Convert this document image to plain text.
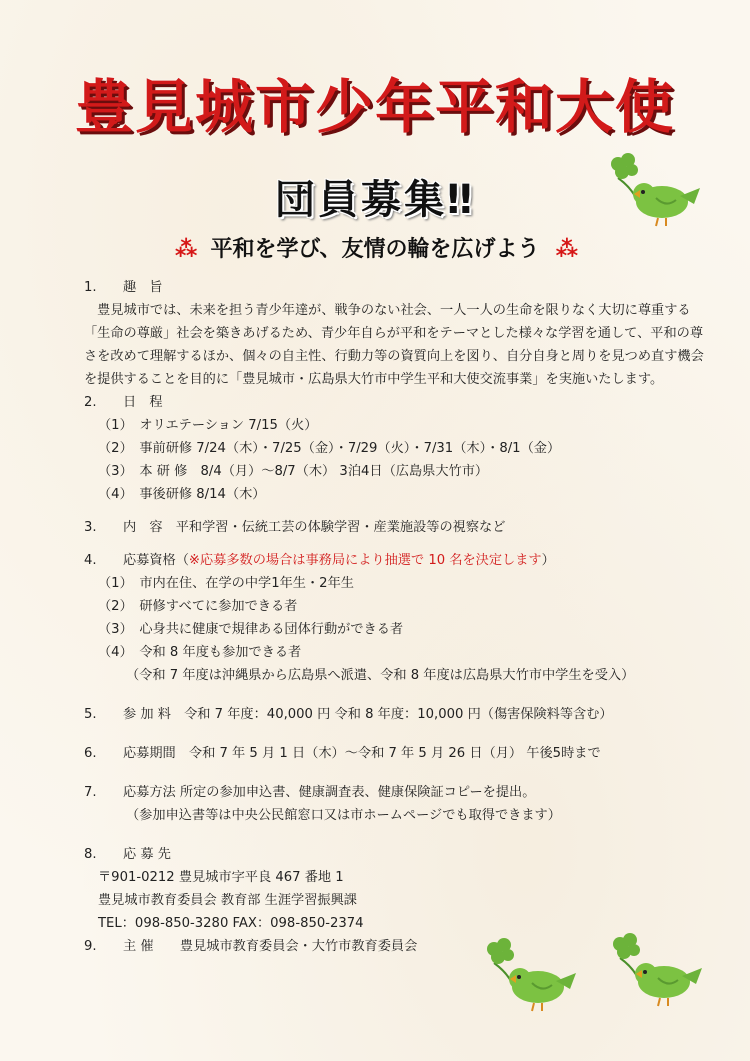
豊見城市少年平和大使
団員募集‼
⁂ 平和を学び、友情の輪を広げよう ⁂
1.　　趣　旨
　豊見城市では、未来を担う青少年達が、戦争のない社会、一人一人の生命を限りなく大切に尊重する「生命の尊厳」社会を築きあげるため、青少年自らが平和をテーマとした様々な学習を通して、平和の尊さを改めて理解するほか、個々の自主性、行動力等の資質向上を図り、自分自身と周りを見つめ直す機会を提供することを目的に「豊見城市・広島県大竹市中学生平和大使交流事業」を実施いたします。
2.　　日　程
（1）　オリエテーション 7/15（火）
（2）　事前研修 7/24（木）・7/25（金）・7/29（火）・7/31（木）・8/1（金）
（3）　本 研 修　8/4（月）～8/7（木） 3泊4日（広島県大竹市）
（4）　事後研修 8/14（木）
3.　　内　容　平和学習・伝統工芸の体験学習・産業施設等の視察など
4.　　応募資格（※応募多数の場合は事務局により抽選で 10 名を決定します）
（1）　市内在住、在学の中学1年生・2年生
（2）　研修すべてに参加できる者
（3）　心身共に健康で規律ある団体行動ができる者
（4）　令和 8 年度も参加できる者
（令和 7 年度は沖縄県から広島県へ派遣、令和 8 年度は広島県大竹市中学生を受入）
5.　　参 加 料　令和 7 年度：40,000 円 令和 8 年度：10,000 円（傷害保険料等含む）
6.　　応募期間　令和 7 年 5 月 1 日（木）～令和 7 年 5 月 26 日（月） 午後5時まで
7.　　応募方法 所定の参加申込書、健康調査表、健康保険証コピーを提出。
（参加申込書等は中央公民館窓口又は市ホームページでも取得できます）
8.　　応 募 先
〒901-0212 豊見城市字平良 467 番地 1
豊見城市教育委員会 教育部 生涯学習振興課
TEL：098-850-3280 FAX：098-850-2374
9.　　主 催　　豊見城市教育委員会・大竹市教育委員会
